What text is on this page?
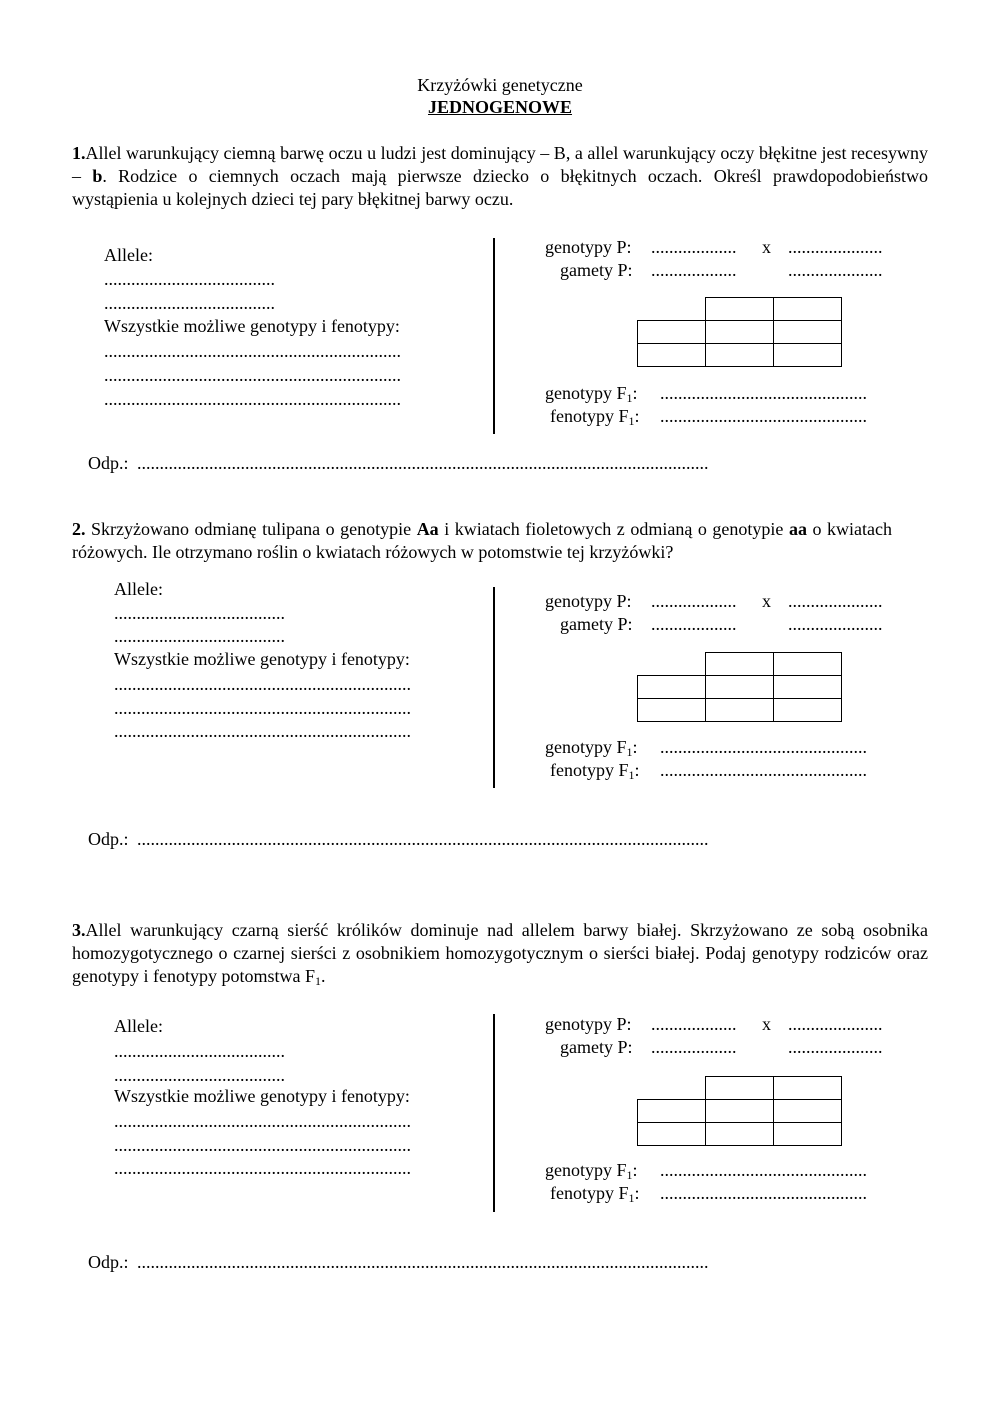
Krzyżówki genetyczne
JEDNOGENOWE
1.Allel warunkujący ciemną barwę oczu u ludzi jest dominujący – B, a allel warunkujący oczy błękitne jest recesywny – b. Rodzice o ciemnych oczach mają pierwsze dziecko o błękitnych oczach. Określ prawdopodobieństwo wystąpienia u kolejnych dzieci tej pary błękitnej barwy oczu.
Allele:
......................................
......................................
Wszystkie możliwe genotypy i fenotypy:
..................................................................
..................................................................
..................................................................
genotypy P: ................... x .....................
gamety P: ...................	.....................

genotypy $F_1$: ..............................................
fenotypy $F_1$: ..............................................
Odp.: ...............................................................................................................................
2. Skrzyżowano odmianę tulipana o genotypie Aa i kwiatach fioletowych z odmianą o genotypie aa o kwiatach różowych. Ile otrzymano roślin o kwiatach różowych w potomstwie tej krzyżówki?
Allele:
......................................
......................................
Wszystkie możliwe genotypy i fenotypy:
..................................................................
..................................................................
..................................................................
genotypy P: ................... x .....................
gamety P: ...................	.....................

genotypy $F_1$: ..............................................
fenotypy $F_1$: ..............................................
Odp.: ...............................................................................................................................
3.Allel warunkujący czarną sierść królików dominuje nad allelem barwy białej. Skrzyżowano ze sobą osobnika homozygotycznego o czarnej sierści z osobnikiem homozygotycznym o sierści białej. Podaj genotypy rodziców oraz genotypy i fenotypy potomstwa $F_1$.
Allele:
......................................
......................................
Wszystkie możliwe genotypy i fenotypy:
..................................................................
..................................................................
..................................................................
genotypy P: ................... x .....................
gamety P: ...................	.....................

genotypy $F_1$: ..............................................
fenotypy $F_1$: ..............................................
Odp.: ...............................................................................................................................
